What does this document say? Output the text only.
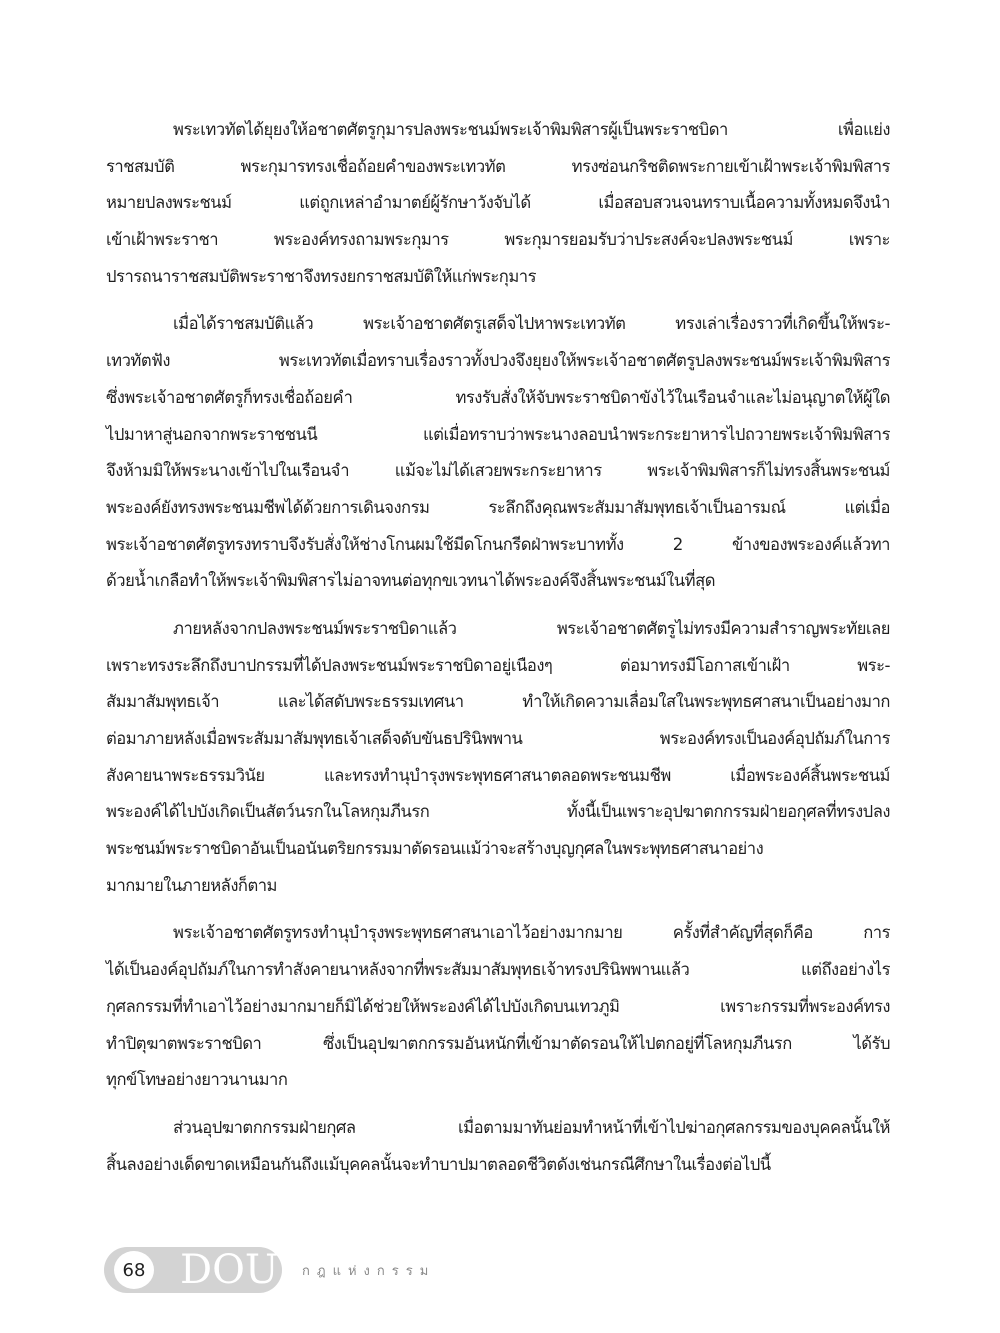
พระเทวทัตได้ยุยงให้อชาตศัตรูกุมารปลงพระชนม์พระเจ้าพิมพิสารผู้เป็นพระราชบิดา	เพื่อแย่ง
ราชสมบัติ	พระกุมารทรงเชื่อถ้อยคำของพระเทวทัต	ทรงซ่อนกริชติดพระกายเข้าเฝ้าพระเจ้าพิมพิสาร
หมายปลงพระชนม์	แต่ถูกเหล่าอำมาตย์ผู้รักษาวังจับได้	เมื่อสอบสวนจนทราบเนื้อความทั้งหมดจึงนำ
เข้าเฝ้าพระราชา	พระองค์ทรงถามพระกุมาร	พระกุมารยอมรับว่าประสงค์จะปลงพระชนม์	เพราะ
ปรารถนาราชสมบัติ พระราชาจึงทรงยกราชสมบัติให้แก่พระกุมาร
เมื่อได้ราชสมบัติแล้ว	พระเจ้าอชาตศัตรูเสด็จไปหาพระเทวทัต	ทรงเล่าเรื่องราวที่เกิดขึ้นให้พระ-
เทวทัตฟัง	พระเทวทัตเมื่อทราบเรื่องราวทั้งปวงจึงยุยงให้พระเจ้าอชาตศัตรูปลงพระชนม์พระเจ้าพิมพิสาร
ซึ่งพระเจ้าอชาตศัตรูก็ทรงเชื่อถ้อยคำ	ทรงรับสั่งให้จับพระราชบิดาขังไว้ในเรือนจำและไม่อนุญาตให้ผู้ใด
ไปมาหาสู่นอกจากพระราชชนนี	แต่เมื่อทราบว่าพระนางลอบนำพระกระยาหารไปถวายพระเจ้าพิมพิสาร
จึงห้ามมิให้พระนางเข้าไปในเรือนจำ	แม้จะไม่ได้เสวยพระกระยาหาร	พระเจ้าพิมพิสารก็ไม่ทรงสิ้นพระชนม์
พระองค์ยังทรงพระชนมชีพได้ด้วยการเดินจงกรม	ระลึกถึงคุณพระสัมมาสัมพุทธเจ้าเป็นอารมณ์	แต่เมื่อ
พระเจ้าอชาตศัตรูทรงทราบจึงรับสั่งให้ช่างโกนผมใช้มีดโกนกรีดฝ่าพระบาททั้ง	2	ข้างของพระองค์แล้วทา
ด้วยน้ำเกลือ ทำให้พระเจ้าพิมพิสารไม่อาจทนต่อทุกขเวทนาได้พระองค์จึงสิ้นพระชนม์ในที่สุด
ภายหลังจากปลงพระชนม์พระราชบิดาแล้ว	พระเจ้าอชาตศัตรูไม่ทรงมีความสำราญพระทัยเลย
เพราะทรงระลึกถึงบาปกรรมที่ได้ปลงพระชนม์พระราชบิดาอยู่เนืองๆ	ต่อมาทรงมีโอกาสเข้าเฝ้า	พระ-
สัมมาสัมพุทธเจ้า	และได้สดับพระธรรมเทศนา	ทำให้เกิดความเลื่อมใสในพระพุทธศาสนาเป็นอย่างมาก
ต่อมาภายหลังเมื่อพระสัมมาสัมพุทธเจ้าเสด็จดับขันธปรินิพพาน	พระองค์ทรงเป็นองค์อุปถัมภ์ในการ
สังคายนาพระธรรมวินัย	และทรงทำนุบำรุงพระพุทธศาสนาตลอดพระชนมชีพ	เมื่อพระองค์สิ้นพระชนม์
พระองค์ได้ไปบังเกิดเป็นสัตว์นรกในโลหกุมภีนรก	ทั้งนี้เป็นเพราะอุปฆาตกกรรมฝ่ายอกุศลที่ทรงปลง
พระชนม์พระราชบิดาอันเป็นอนันตริยกรรมมาตัดรอนแม้ว่าจะสร้างบุญกุศลในพระพุทธศาสนาอย่าง
มากมายในภายหลังก็ตาม
พระเจ้าอชาตศัตรูทรงทำนุบำรุงพระพุทธศาสนาเอาไว้อย่างมากมาย	ครั้งที่สำคัญที่สุดก็คือ	การ
ได้เป็นองค์อุปถัมภ์ในการทำสังคายนาหลังจากที่พระสัมมาสัมพุทธเจ้าทรงปรินิพพานแล้ว	แต่ถึงอย่างไร
กุศลกรรมที่ทำเอาไว้อย่างมากมายก็มิได้ช่วยให้พระองค์ได้ไปบังเกิดบนเทวภูมิ	เพราะกรรมที่พระองค์ทรง
ทำปิตุฆาตพระราชบิดา	ซึ่งเป็นอุปฆาตกกรรมอันหนักที่เข้ามาตัดรอนให้ไปตกอยู่ที่โลหกุมภีนรก	ได้รับ
ทุกข์โทษอย่างยาวนานมาก
ส่วนอุปฆาตกกรรมฝ่ายกุศล	เมื่อตามมาทันย่อมทำหน้าที่เข้าไปฆ่าอกุศลกรรมของบุคคลนั้นให้
สิ้นลงอย่างเด็ดขาดเหมือนกัน ถึงแม้บุคคลนั้นจะทำบาปมาตลอดชีวิต ดังเช่นกรณีศึกษาในเรื่องต่อไปนี้
68 DOU กฎแห่งกรรม
